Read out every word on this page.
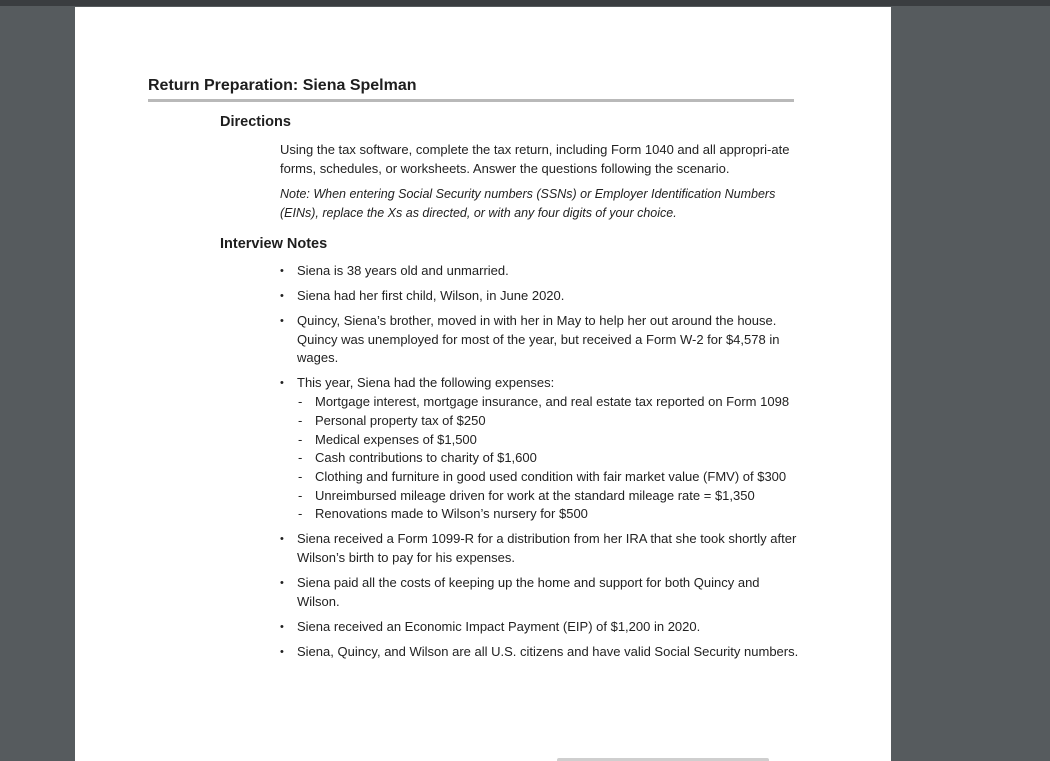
Return Preparation: Siena Spelman
Directions
Using the tax software, complete the tax return, including Form 1040 and all appropri-ate forms, schedules, or worksheets. Answer the questions following the scenario.
Note: When entering Social Security numbers (SSNs) or Employer Identification Numbers (EINs), replace the Xs as directed, or with any four digits of your choice.
Interview Notes
• Siena is 38 years old and unmarried.
• Siena had her first child, Wilson, in June 2020.
• Quincy, Siena’s brother, moved in with her in May to help her out around the house. Quincy was unemployed for most of the year, but received a Form W-2 for $4,578 in wages.
• This year, Siena had the following expenses:
- Mortgage interest, mortgage insurance, and real estate tax reported on Form 1098
- Personal property tax of $250
- Medical expenses of $1,500
- Cash contributions to charity of $1,600
- Clothing and furniture in good used condition with fair market value (FMV) of $300
- Unreimbursed mileage driven for work at the standard mileage rate = $1,350
- Renovations made to Wilson’s nursery for $500
• Siena received a Form 1099-R for a distribution from her IRA that she took shortly after Wilson’s birth to pay for his expenses.
• Siena paid all the costs of keeping up the home and support for both Quincy and Wilson.
• Siena received an Economic Impact Payment (EIP) of $1,200 in 2020.
• Siena, Quincy, and Wilson are all U.S. citizens and have valid Social Security numbers.
